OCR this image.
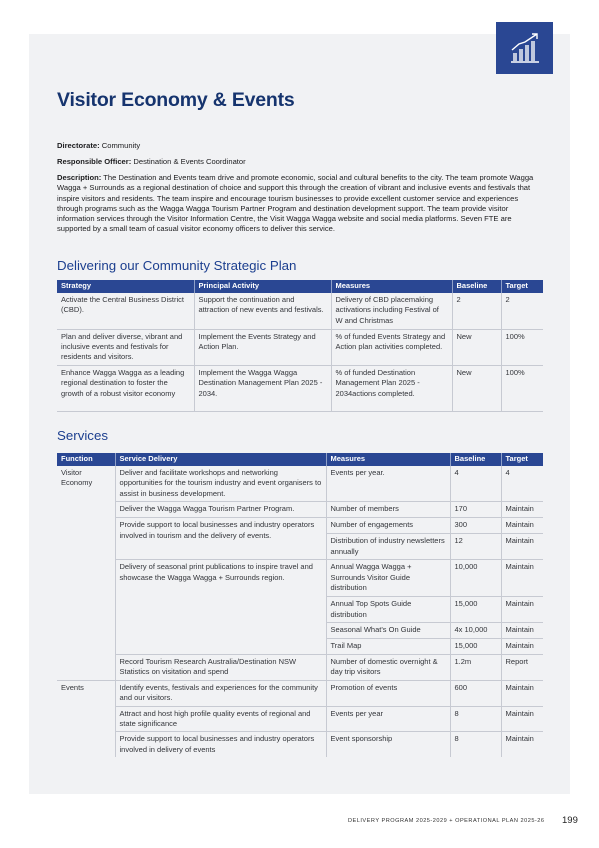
Visitor Economy & Events

Directorate: Community

Responsible Officer: Destination & Events Coordinator

Description: The Destination and Events team drive and promote economic, social and cultural benefits to the city. The team promote Wagga Wagga + Surrounds as a regional destination of choice and support this through the creation of vibrant and inclusive events and festivals that inspire visitors and residents. The team inspire and encourage tourism businesses to provide excellent customer service and experiences through programs such as the Wagga Wagga Tourism Partner Program and destination development support. The team provide visitor information services through the Visitor Information Centre, the Visit Wagga Wagga website and social media platforms. Seven FTE are supported by a small team of casual visitor economy officers to deliver this service.

Delivering our Community Strategic Plan
Strategy	Principal Activity	Measures	Baseline	Target
Activate the Central Business District (CBD).	Support the continuation and attraction of new events and festivals.	Delivery of CBD placemaking activations including Festival of W and Christmas	2	2
Plan and deliver diverse, vibrant and inclusive events and festivals for residents and visitors.	Implement the Events Strategy and Action Plan.	% of funded Events Strategy and Action plan activities completed.	New	100%
Enhance Wagga Wagga as a leading regional destination to foster the growth of a robust visitor economy	Implement the Wagga Wagga Destination Management Plan 2025 - 2034.	% of funded Destination Management Plan 2025 - 2034actions completed.	New	100%
Services
Function	Service Delivery	Measures	Baseline	Target
Visitor Economy	Deliver and facilitate workshops and networking opportunities for the tourism industry and event organisers to assist in business development.	Events per year.	4	4
	Deliver the Wagga Wagga Tourism Partner Program.	Number of members	170	Maintain
	Provide support to local businesses and industry operators involved in tourism and the delivery of events.	Number of engagements	300	Maintain
		Distribution of industry newsletters annually	12	Maintain
	Delivery of seasonal print publications to inspire travel and showcase the Wagga Wagga + Surrounds region.	Annual Wagga Wagga + Surrounds Visitor Guide distribution	10,000	Maintain
		Annual Top Spots Guide distribution	15,000	Maintain
		Seasonal What's On Guide	4x 10,000	Maintain
		Trail Map	15,000	Maintain
	Record Tourism Research Australia/Destination NSW Statistics on visitation and spend	Number of domestic overnight & day trip visitors	1.2m	Report
Events	Identify events, festivals and experiences for the community and our visitors.	Promotion of events	600	Maintain
	Attract and host high profile quality events of regional and state significance	Events per year	8	Maintain
	Provide support to local businesses and industry operators involved in delivery of events	Event sponsorship	8	Maintain
DELIVERY PROGRAM 2025-2029 + OPERATIONAL PLAN 2025-26 199
